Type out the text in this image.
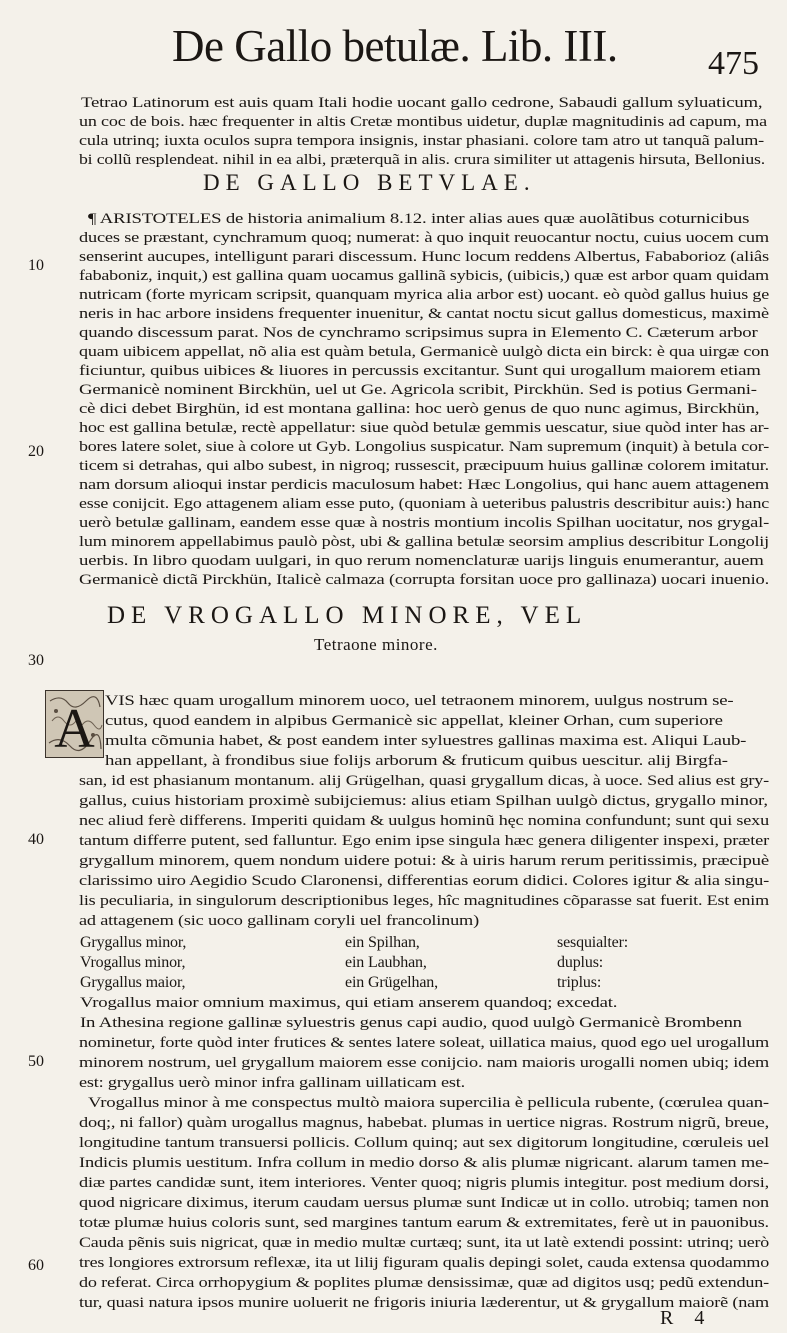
De Gallo betulæ. Lib. III.	475
Tetrao Latinorum est auis quam Itali hodie uocant gallo cedrone, Sabaudi gallum syluaticum,
un coc de bois. hæc frequenter in altis Cretæ montibus uidetur, duplæ magnitudinis ad capum, ma
cula utrinq; iuxta oculos supra tempora insignis, instar phasiani. colore tam atro ut tanquã palum-
bi collũ resplendeat. nihil in ea albi, præterquã in alis. crura similiter ut attagenis hirsuta, Bellonius.
DE GALLO BETVLAE.
¶ ARISTOTELES de historia animalium 8.12. inter alias aues quæ auolãtibus coturnicibus
duces se præstant, cynchramum quoq; numerat: à quo inquit reuocantur noctu, cuius uocem cum
senserint aucupes, intelligunt parari discessum. Hunc locum reddens Albertus, Fababorioz (aliâs
fababoniz, inquit,) est gallina quam uocamus gallinã sybicis, (uibicis,) quæ est arbor quam quidam
nutricam (forte myricam scripsit, quanquam myrica alia arbor est) uocant. eò quòd gallus huius ge
neris in hac arbore insidens frequenter inuenitur, & cantat noctu sicut gallus domesticus, maximè
quando discessum parat. Nos de cynchramo scripsimus supra in Elemento C. Cæterum arbor
quam uibicem appellat, nõ alia est quàm betula, Germanicè uulgò dicta ein birck: è qua uirgæ con
ficiuntur, quibus uibices & liuores in percussis excitantur. Sunt qui urogallum maiorem etiam
Germanicè nominent Birckhün, uel ut Ge. Agricola scribit, Pirckhün. Sed is potius Germani-
cè dici debet Birghün, id est montana gallina: hoc uerò genus de quo nunc agimus, Birckhün,
hoc est gallina betulæ, rectè appellatur: siue quòd betulæ gemmis uescatur, siue quòd inter has ar-
bores latere solet, siue à colore ut Gyb. Longolius suspicatur. Nam supremum (inquit) à betula cor-
ticem si detrahas, qui albo subest, in nigroq; russescit, præcipuum huius gallinæ colorem imitatur.
nam dorsum alioqui instar perdicis maculosum habet: Hæc Longolius, qui hanc auem attagenem
esse conijcit. Ego attagenem aliam esse puto, (quoniam à ueteribus palustris describitur auis:) hanc
uerò betulæ gallinam, eandem esse quæ à nostris montium incolis Spilhan uocitatur, nos grygal-
lum minorem appellabimus paulò pòst, ubi & gallina betulæ seorsim amplius describitur Longolij
uerbis. In libro quodam uulgari, in quo rerum nomenclaturæ uarijs linguis enumerantur, auem
Germanicè dictã Pirckhün, Italicè calmaza (corrupta forsitan uoce pro gallinaza) uocari inuenio.
DE VROGALLO MINORE, VEL
Tetraone minore.
A VIS hæc quam urogallum minorem uoco, uel tetraonem minorem, uulgus nostrum se-
cutus, quod eandem in alpibus Germanicè sic appellat, kleiner Orhan, cum superiore
multa cõmunia habet, & post eandem inter syluestres gallinas maxima est. Aliqui Laub-
han appellant, à frondibus siue folijs arborum & fruticum quibus uescitur. alij Birgfa-
san, id est phasianum montanum. alij Grügelhan, quasi grygallum dicas, à uoce. Sed alius est gry-
gallus, cuius historiam proximè subijciemus: alius etiam Spilhan uulgò dictus, grygallo minor,
nec aliud ferè differens. Imperiti quidam & uulgus hominũ hęc nomina confundunt; sunt qui sexu
tantum differre putent, sed falluntur. Ego enim ipse singula hæc genera diligenter inspexi, præter
grygallum minorem, quem nondum uidere potui: & à uiris harum rerum peritissimis, præcipuè
clarissimo uiro Aegidio Scudo Claronensi, differentias eorum didici. Colores igitur & alia singu-
lis peculiaria, in singulorum descriptionibus leges, hîc magnitudines cõparasse sat fuerit. Est enim
ad attagenem (sic uoco gallinam coryli uel francolinum)
Grygallus minor,	ein Spilhan,	sesquialter:
Vrogallus minor,	ein Laubhan,	duplus:
Grygallus maior,	ein Grügelhan,	triplus:
Vrogallus maior omnium maximus, qui etiam anserem quandoq; excedat.
In Athesina regione gallinæ syluestris genus capi audio, quod uulgò Germanicè Brombenn
nominetur, forte quòd inter frutices & sentes latere soleat, uillatica maius, quod ego uel urogallum
minorem nostrum, uel grygallum maiorem esse conijcio. nam maioris urogalli nomen ubiq; idem
est: grygallus uerò minor infra gallinam uillaticam est.
Vrogallus minor à me conspectus multò maiora supercilia è pellicula rubente, (cœrulea quan-
doq;, ni fallor) quàm urogallus magnus, habebat. plumas in uertice nigras. Rostrum nigrũ, breue,
longitudine tantum transuersi pollicis. Collum quinq; aut sex digitorum longitudine, cœruleis uel
Indicis plumis uestitum. Infra collum in medio dorso & alis plumæ nigricant. alarum tamen me-
diæ partes candidæ sunt, item interiores. Venter quoq; nigris plumis integitur. post medium dorsi,
quod nigricare diximus, iterum caudam uersus plumæ sunt Indicæ ut in collo. utrobiq; tamen non
totæ plumæ huius coloris sunt, sed margines tantum earum & extremitates, ferè ut in pauonibus.
Cauda pẽnis suis nigricat, quæ in medio multæ curtæq; sunt, ita ut latè extendi possint: utrinq; uerò
tres longiores extrorsum reflexæ, ita ut lilij figuram qualis depingi solet, cauda extensa quodammo
do referat. Circa orrhopygium & poplites plumæ densissimæ, quæ ad digitos usq; pedũ extendun-
tur, quasi natura ipsos munire uoluerit ne frigoris iniuria læderentur, ut & grygallum maiorẽ (nam
10
20
30
40
50
60
R 4
